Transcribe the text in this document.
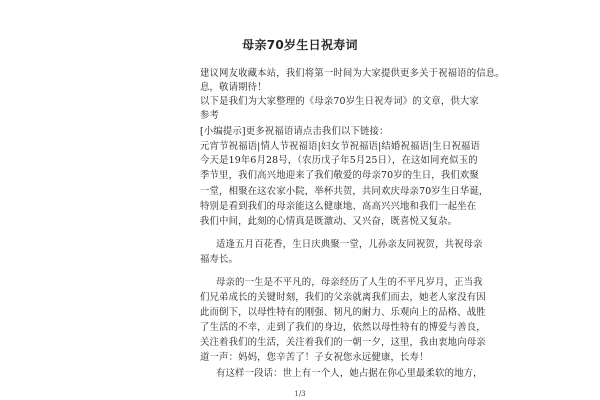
母亲70岁生日祝寿词
建议网友收藏本站，我们将第一时间为大家提供更多关于祝福语的信息。
息，敬请期待！
以下是我们为大家整理的《母亲70岁生日祝寿词》的文章，供大家
参考
[小编提示]更多祝福语请点击我们以下链接：
元宵节祝福语|情人节祝福语|妇女节祝福语|结婚祝福语|生日祝福语
今天是19年6月28号，（农历戊子年5月25日），在这如同充似玉的
季节里，我们高兴地迎来了我们敬爱的母亲70岁的生日，我们欢聚
一堂，相聚在这农家小院，举杯共贺，共同欢庆母亲70岁生日华诞，
特别是看到我们的母亲能这么健康地、高高兴兴地和我们一起坐在
我们中间，此刻的心情真是既激动、又兴奋，既喜悦又复杂。
适逢五月百花香，生日庆典聚一堂，儿孙亲友同祝贺，共祝母亲
福寿长。
母亲的一生是不平凡的，母亲经历了人生的不平凡岁月，正当我
们兄弟成长的关键时刻，我们的父亲就离我们而去，她老人家没有因
此而倒下，以母性特有的刚强、韧凡的耐力、乐观向上的品格、战胜
了生活的不幸，走到了我们的身边，依然以母性特有的博爱与善良，
关注着我们的生活，关注着我们的一朝一夕，这里，我由衷地向母亲
道一声：妈妈，您辛苦了！子女祝您永远健康，长寿！
有这样一段话：世上有一个人，她占据在你心里最柔软的地方，
1/3
